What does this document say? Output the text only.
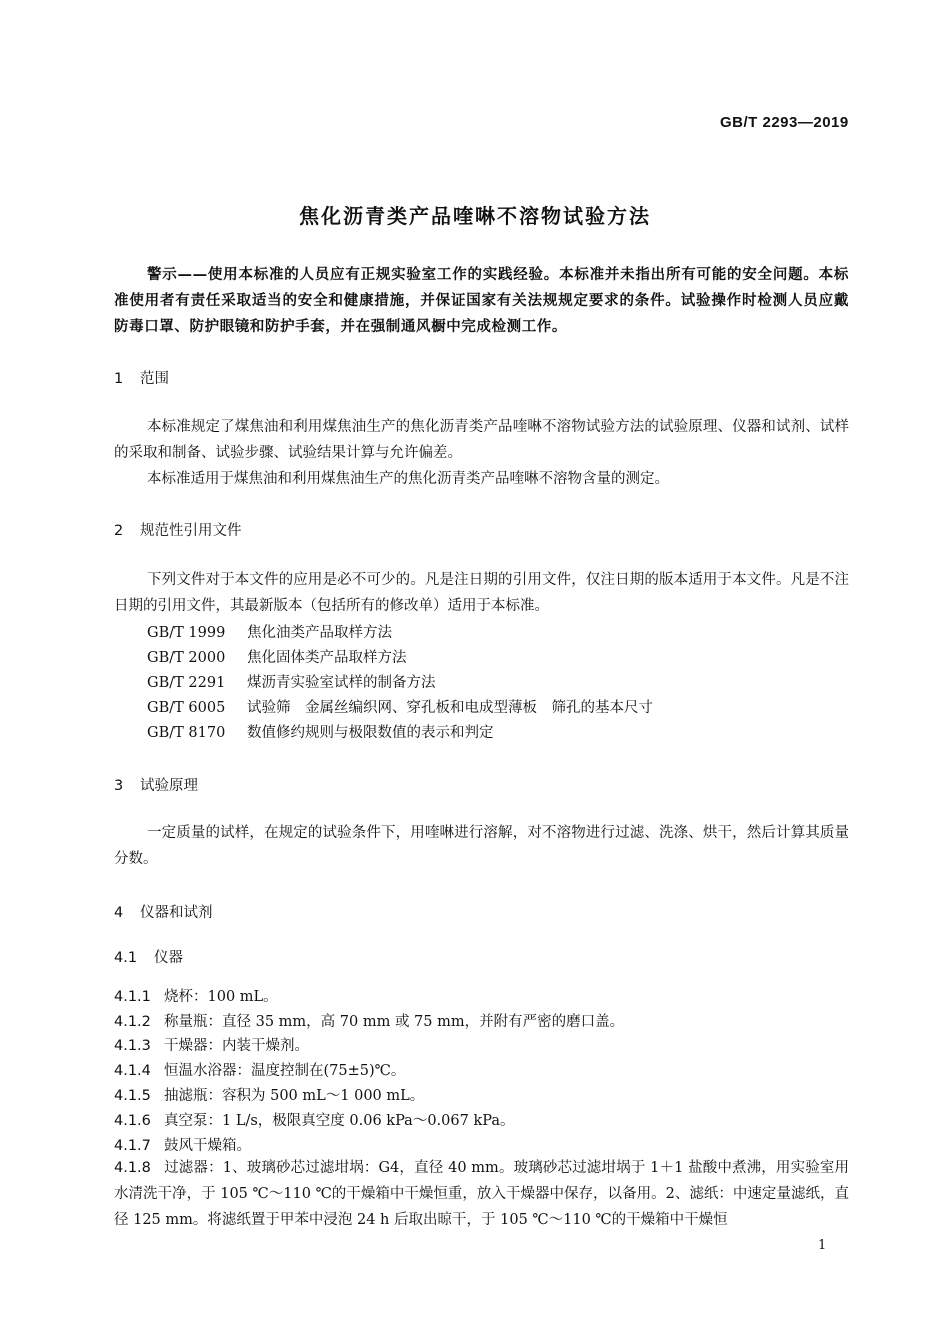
GB/T 2293—2019
焦化沥青类产品喹啉不溶物试验方法
警示——使用本标准的人员应有正规实验室工作的实践经验。本标准并未指出所有可能的安全问题。本标准使用者有责任采取适当的安全和健康措施，并保证国家有关法规规定要求的条件。试验操作时检测人员应戴防毒口罩、防护眼镜和防护手套，并在强制通风橱中完成检测工作。
1 范围
本标准规定了煤焦油和利用煤焦油生产的焦化沥青类产品喹啉不溶物试验方法的试验原理、仪器和试剂、试样的采取和制备、试验步骤、试验结果计算与允许偏差。
本标准适用于煤焦油和利用煤焦油生产的焦化沥青类产品喹啉不溶物含量的测定。
2 规范性引用文件
下列文件对于本文件的应用是必不可少的。凡是注日期的引用文件，仅注日期的版本适用于本文件。凡是不注日期的引用文件，其最新版本（包括所有的修改单）适用于本标准。
GB/T 1999 焦化油类产品取样方法
GB/T 2000 焦化固体类产品取样方法
GB/T 2291 煤沥青实验室试样的制备方法
GB/T 6005 试验筛　金属丝编织网、穿孔板和电成型薄板　筛孔的基本尺寸
GB/T 8170 数值修约规则与极限数值的表示和判定
3 试验原理
一定质量的试样，在规定的试验条件下，用喹啉进行溶解，对不溶物进行过滤、洗涤、烘干，然后计算其质量分数。
4 仪器和试剂
4.1 仪器
4.1.1 烧杯：100 mL。
4.1.2 称量瓶：直径 35 mm，高 70 mm 或 75 mm，并附有严密的磨口盖。
4.1.3 干燥器：内装干燥剂。
4.1.4 恒温水浴器：温度控制在(75±5)℃。
4.1.5 抽滤瓶：容积为 500 mL～1 000 mL。
4.1.6 真空泵：1 L/s，极限真空度 0.06 kPa～0.067 kPa。
4.1.7 鼓风干燥箱。
4.1.8 过滤器：1、玻璃砂芯过滤坩埚：G4，直径 40 mm。玻璃砂芯过滤坩埚于 1＋1 盐酸中煮沸，用实验室用水清洗干净，于 105 ℃～110 ℃的干燥箱中干燥恒重，放入干燥器中保存，以备用。2、滤纸：中速定量滤纸，直径 125 mm。将滤纸置于甲苯中浸泡 24 h 后取出晾干，于 105 ℃～110 ℃的干燥箱中干燥恒
1
